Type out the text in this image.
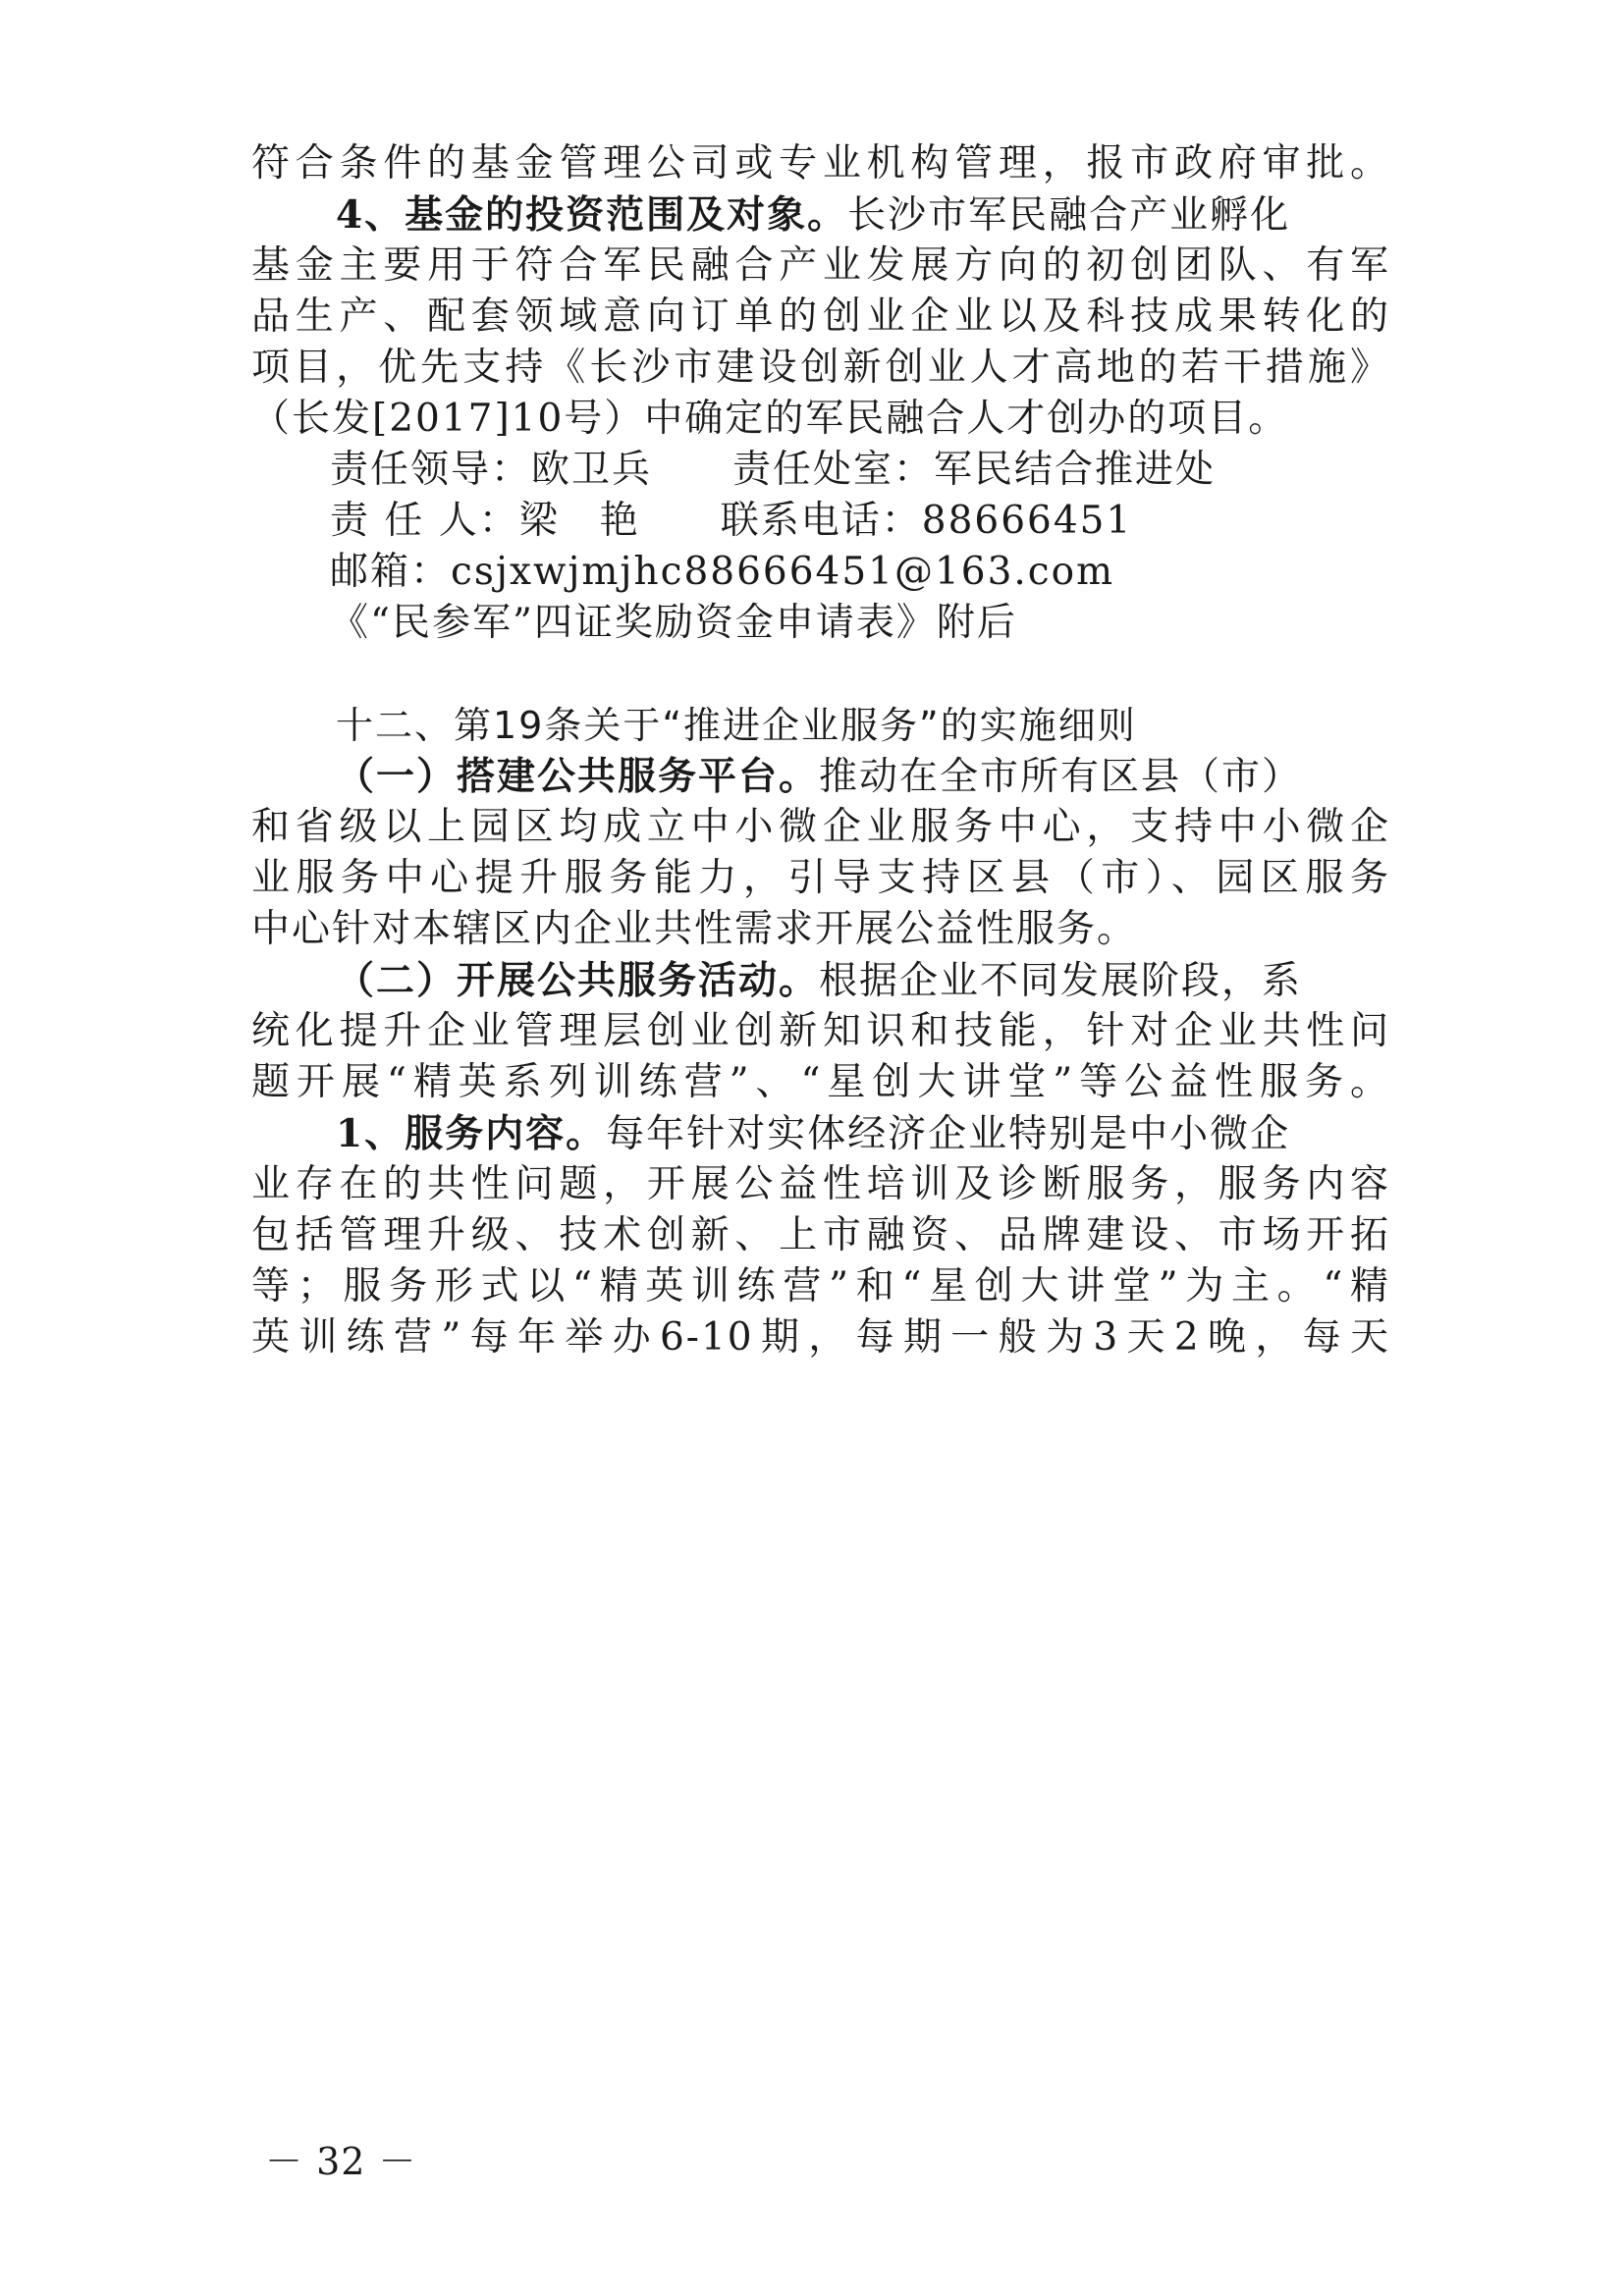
符合条件的基金管理公司或专业机构管理，报市政府审批。
4、基金的投资范围及对象。长沙市军民融合产业孵化
基金主要用于符合军民融合产业发展方向的初创团队、有军
品生产、配套领域意向订单的创业企业以及科技成果转化的
项目，优先支持《长沙市建设创新创业人才高地的若干措施》
（长发[2017]10号）中确定的军民融合人才创办的项目。
责任领导：欧卫兵　　责任处室：军民结合推进处
责 任 人：梁　艳　　联系电话：88666451
邮箱：csjxwjmjhc88666451@163.com
《“民参军”四证奖励资金申请表》附后
十二、第19条关于“推进企业服务”的实施细则
（一）搭建公共服务平台。推动在全市所有区县（市）
和省级以上园区均成立中小微企业服务中心，支持中小微企
业服务中心提升服务能力，引导支持区县（市）、园区服务
中心针对本辖区内企业共性需求开展公益性服务。
（二）开展公共服务活动。根据企业不同发展阶段，系
统化提升企业管理层创业创新知识和技能，针对企业共性问
题开展“精英系列训练营”、“星创大讲堂”等公益性服务。
1、服务内容。每年针对实体经济企业特别是中小微企
业存在的共性问题，开展公益性培训及诊断服务，服务内容
包括管理升级、技术创新、上市融资、品牌建设、市场开拓
等；服务形式以“精英训练营”和“星创大讲堂”为主。“精
英训练营”每年举办6-10期，每期一般为3天2晚，每天
－ 32 －
